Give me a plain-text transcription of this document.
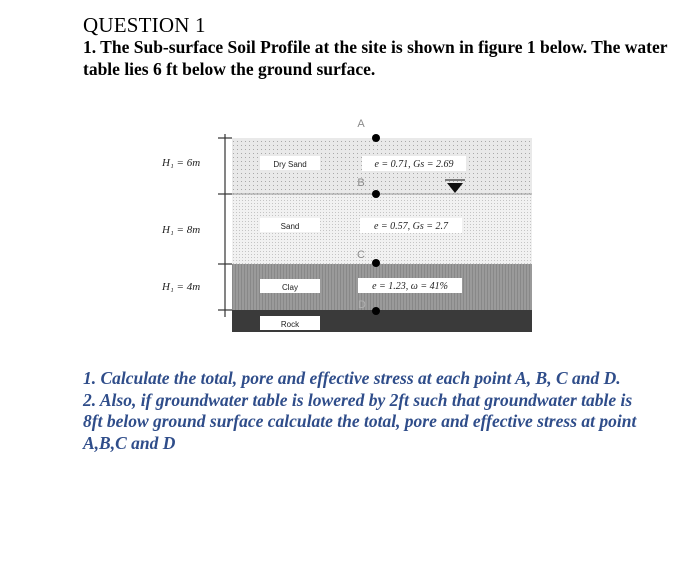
QUESTION 1
1. The Sub-surface Soil Profile at the site is shown in figure 1 below. The water table lies 6 ft below the ground surface.
H₁ = 6m
H₁ = 8m
H₁ = 4m
Dry Sand
Sand
Clay
Rock
e = 0.71, Gs = 2.69
e = 0.57, Gs = 2.7
e = 1.23, ω = 41%
A
B
C
D

1. Calculate the total, pore and effective stress at each point A, B, C and D.

2. Also, if groundwater table is lowered by 2ft such that groundwater table is 8ft below ground surface calculate the total, pore and effective stress at point A,B,C and D
